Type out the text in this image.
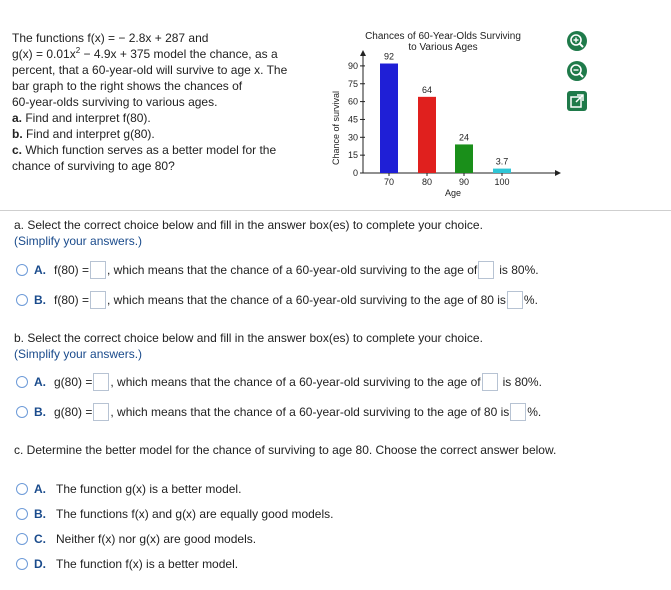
The functions f(x) = − 2.8x + 287 and

$g(x) = 0.01x^2 - 4.9x + 375$ model the chance, as a

percent, that a 60-year-old will survive to age x. The

bar graph to the right shows the chances of

60-year-olds surviving to various ages.

a. Find and interpret f(80).

b. Find and interpret g(80).

c. Which function serves as a better model for the

chance of surviving to age 80?

Chances of 60-Year-Olds Surviving
to Various Ages
Chance of survival
Age
0
15
30
45
60
75
90
70	80	90	100
92
64
24
3.7
a. Select the correct choice below and fill in the answer box(es) to complete your choice.
(Simplify your answers.)
A. f(80) = , which means that the chance of a 60-year-old surviving to the age of is 80%.
B. f(80) = , which means that the chance of a 60-year-old surviving to the age of 80 is %.
b. Select the correct choice below and fill in the answer box(es) to complete your choice.
(Simplify your answers.)
A. g(80) = , which means that the chance of a 60-year-old surviving to the age of is 80%.
B. g(80) = , which means that the chance of a 60-year-old surviving to the age of 80 is %.
c. Determine the better model for the chance of surviving to age 80. Choose the correct answer below.
A. The function g(x) is a better model.
B. The functions f(x) and g(x) are equally good models.
C. Neither f(x) nor g(x) are good models.
D. The function f(x) is a better model.
